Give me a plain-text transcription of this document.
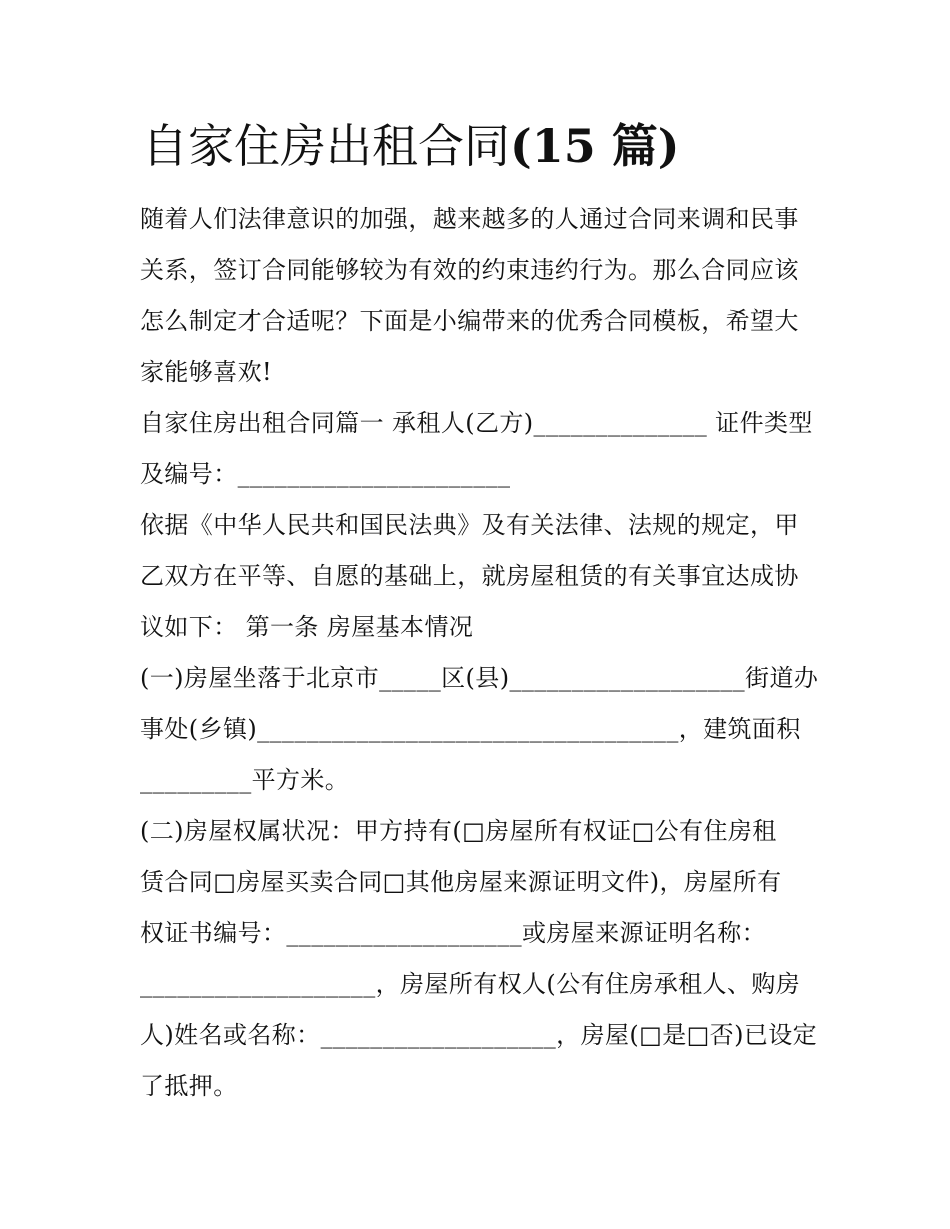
自家住房出租合同(15 篇)

随着人们法律意识的加强，越来越多的人通过合同来调和民事

关系，签订合同能够较为有效的约束违约行为。那么合同应该

怎么制定才合适呢？下面是小编带来的优秀合同模板，希望大

家能够喜欢!

自家住房出租合同篇一 承租人(乙方)______________ 证件类型

及编号：______________________

依据《中华人民共和国民法典》及有关法律、法规的规定，甲

乙双方在平等、自愿的基础上，就房屋租赁的有关事宜达成协

议如下： 第一条 房屋基本情况

(一)房屋坐落于北京市_____区(县)___________________街道办

事处(乡镇)__________________________________，建筑面积

_________平方米。

(二)房屋权属状况：甲方持有(□房屋所有权证□公有住房租

赁合同□房屋买卖合同□其他房屋来源证明文件)，房屋所有

权证书编号：___________________或房屋来源证明名称：

___________________，房屋所有权人(公有住房承租人、购房

人)姓名或名称：___________________，房屋(□是□否)已设定

了抵押。
